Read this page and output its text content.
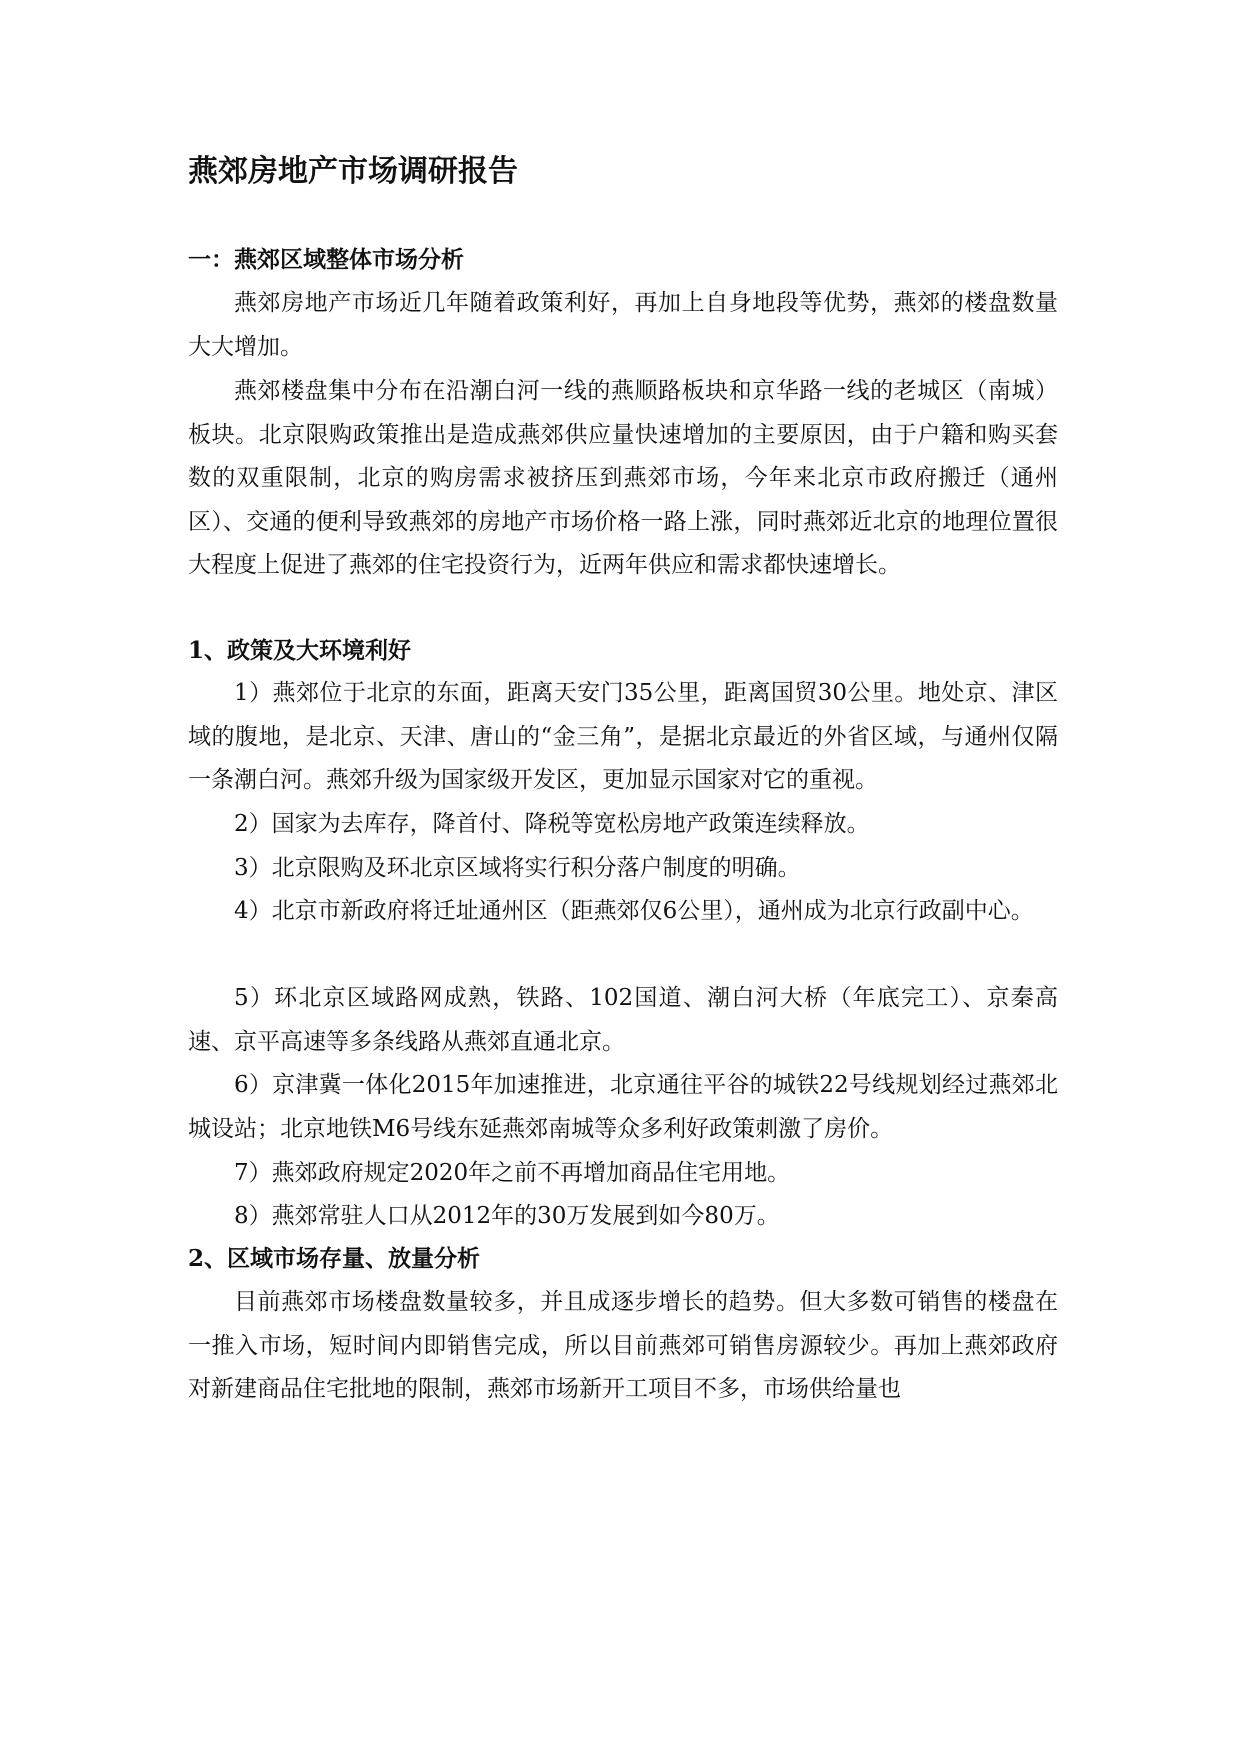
燕郊房地产市场调研报告
一：燕郊区域整体市场分析

燕郊房地产市场近几年随着政策利好，再加上自身地段等优势，燕郊的楼盘数量大大增加。

燕郊楼盘集中分布在沿潮白河一线的燕顺路板块和京华路一线的老城区（南城）板块。北京限购政策推出是造成燕郊供应量快速增加的主要原因，由于户籍和购买套数的双重限制，北京的购房需求被挤压到燕郊市场，今年来北京市政府搬迁（通州区）、交通的便利导致燕郊的房地产市场价格一路上涨，同时燕郊近北京的地理位置很大程度上促进了燕郊的住宅投资行为，近两年供应和需求都快速增长。

1、政策及大环境利好

1）燕郊位于北京的东面，距离天安门35公里，距离国贸30公里。地处京、津区域的腹地，是北京、天津、唐山的“金三角”，是据北京最近的外省区域，与通州仅隔一条潮白河。燕郊升级为国家级开发区，更加显示国家对它的重视。

2）国家为去库存，降首付、降税等宽松房地产政策连续释放。

3）北京限购及环北京区域将实行积分落户制度的明确。

4）北京市新政府将迁址通州区（距燕郊仅6公里），通州成为北京行政副中心。

5）环北京区域路网成熟，铁路、102国道、潮白河大桥（年底完工）、京秦高速、京平高速等多条线路从燕郊直通北京。

6）京津冀一体化2015年加速推进，北京通往平谷的城铁22号线规划经过燕郊北城设站；北京地铁M6号线东延燕郊南城等众多利好政策刺激了房价。

7）燕郊政府规定2020年之前不再增加商品住宅用地。

8）燕郊常驻人口从2012年的30万发展到如今80万。

2、区域市场存量、放量分析

目前燕郊市场楼盘数量较多，并且成逐步增长的趋势。但大多数可销售的楼盘在一推入市场，短时间内即销售完成，所以目前燕郊可销售房源较少。再加上燕郊政府对新建商品住宅批地的限制，燕郊市场新开工项目不多，市场供给量也
